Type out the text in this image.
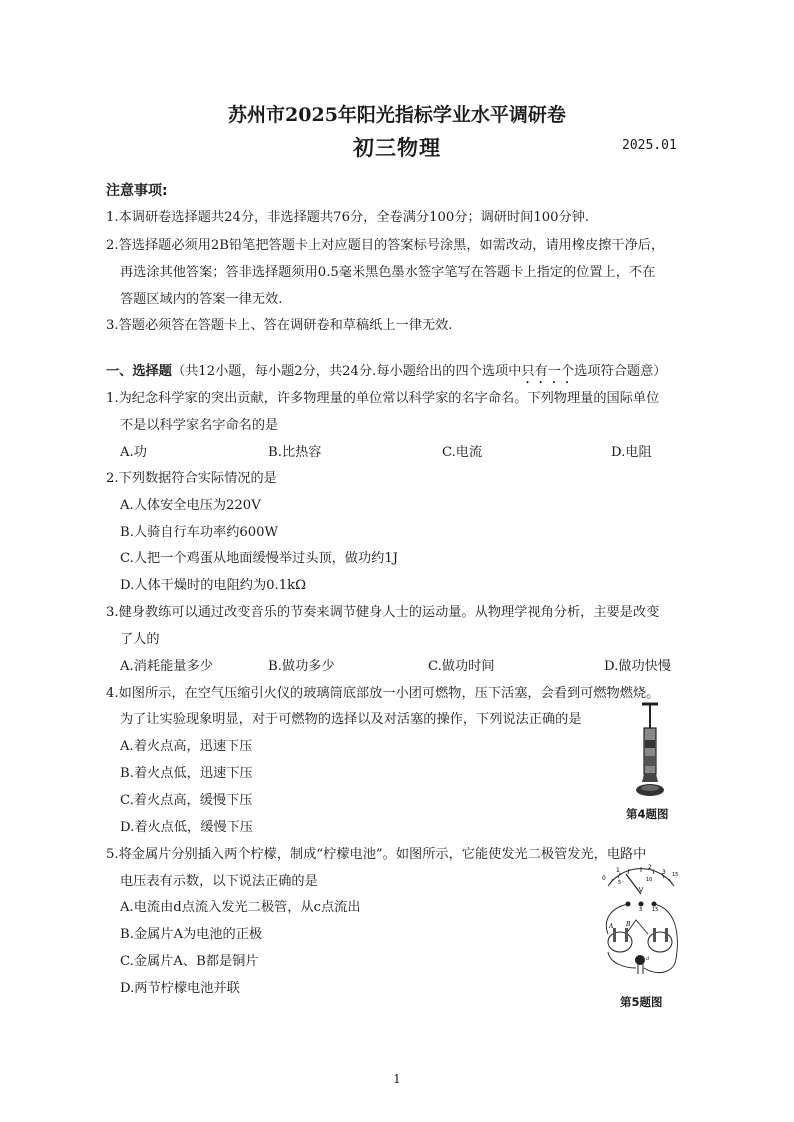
苏州市2025年阳光指标学业水平调研卷
初三物理	2025.01
注意事项:
1.本调研卷选择题共24分，非选择题共76分，全卷满分100分；调研时间100分钟.
2.答选择题必须用2B铅笔把答题卡上对应题目的答案标号涂黑，如需改动，请用橡皮擦干净后，
再选涂其他答案；答非选择题须用0.5毫米黑色墨水签字笔写在答题卡上指定的位置上，不在
答题区域内的答案一律无效.
3.答题必须答在答题卡上、答在调研卷和草稿纸上一律无效.
一、选择题（共12小题，每小题2分，共24分.每小题给出的四个选项中只有一个选项符合题意）
1.为纪念科学家的突出贡献，许多物理量的单位常以科学家的名字命名。下列物理量的国际单位
不是以科学家名字命名的是
A.功	B.比热容	C.电流	D.电阻
2.下列数据符合实际情况的是
A.人体安全电压为220V
B.人骑自行车功率约600W
C.人把一个鸡蛋从地面缓慢举过头顶，做功约1J
D.人体干燥时的电阻约为0.1kΩ
3.健身教练可以通过改变音乐的节奏来调节健身人士的运动量。从物理学视角分析，主要是改变
了人的
A.消耗能量多少	B.做功多少	C.做功时间	D.做功快慢
4.如图所示，在空气压缩引火仪的玻璃筒底部放一小团可燃物，压下活塞，会看到可燃物燃烧。
为了让实验现象明显，对于可燃物的选择以及对活塞的操作，下列说法正确的是
A.着火点高，迅速下压
B.着火点低，迅速下压
C.着火点高，缓慢下压
D.着火点低，缓慢下压
第4题图
5.将金属片分别插入两个柠檬，制成“柠檬电池”。如图所示，它能使发光二极管发光，电路中
电压表有示数，以下说法正确的是
A.电流由d点流入发光二极管，从c点流出
B.金属片A为电池的正极
C.金属片A、B都是铜片
D.两节柠檬电池并联
V
0
1
5
2
10
3 15
-	3 15
A B
d
第5题图
1
